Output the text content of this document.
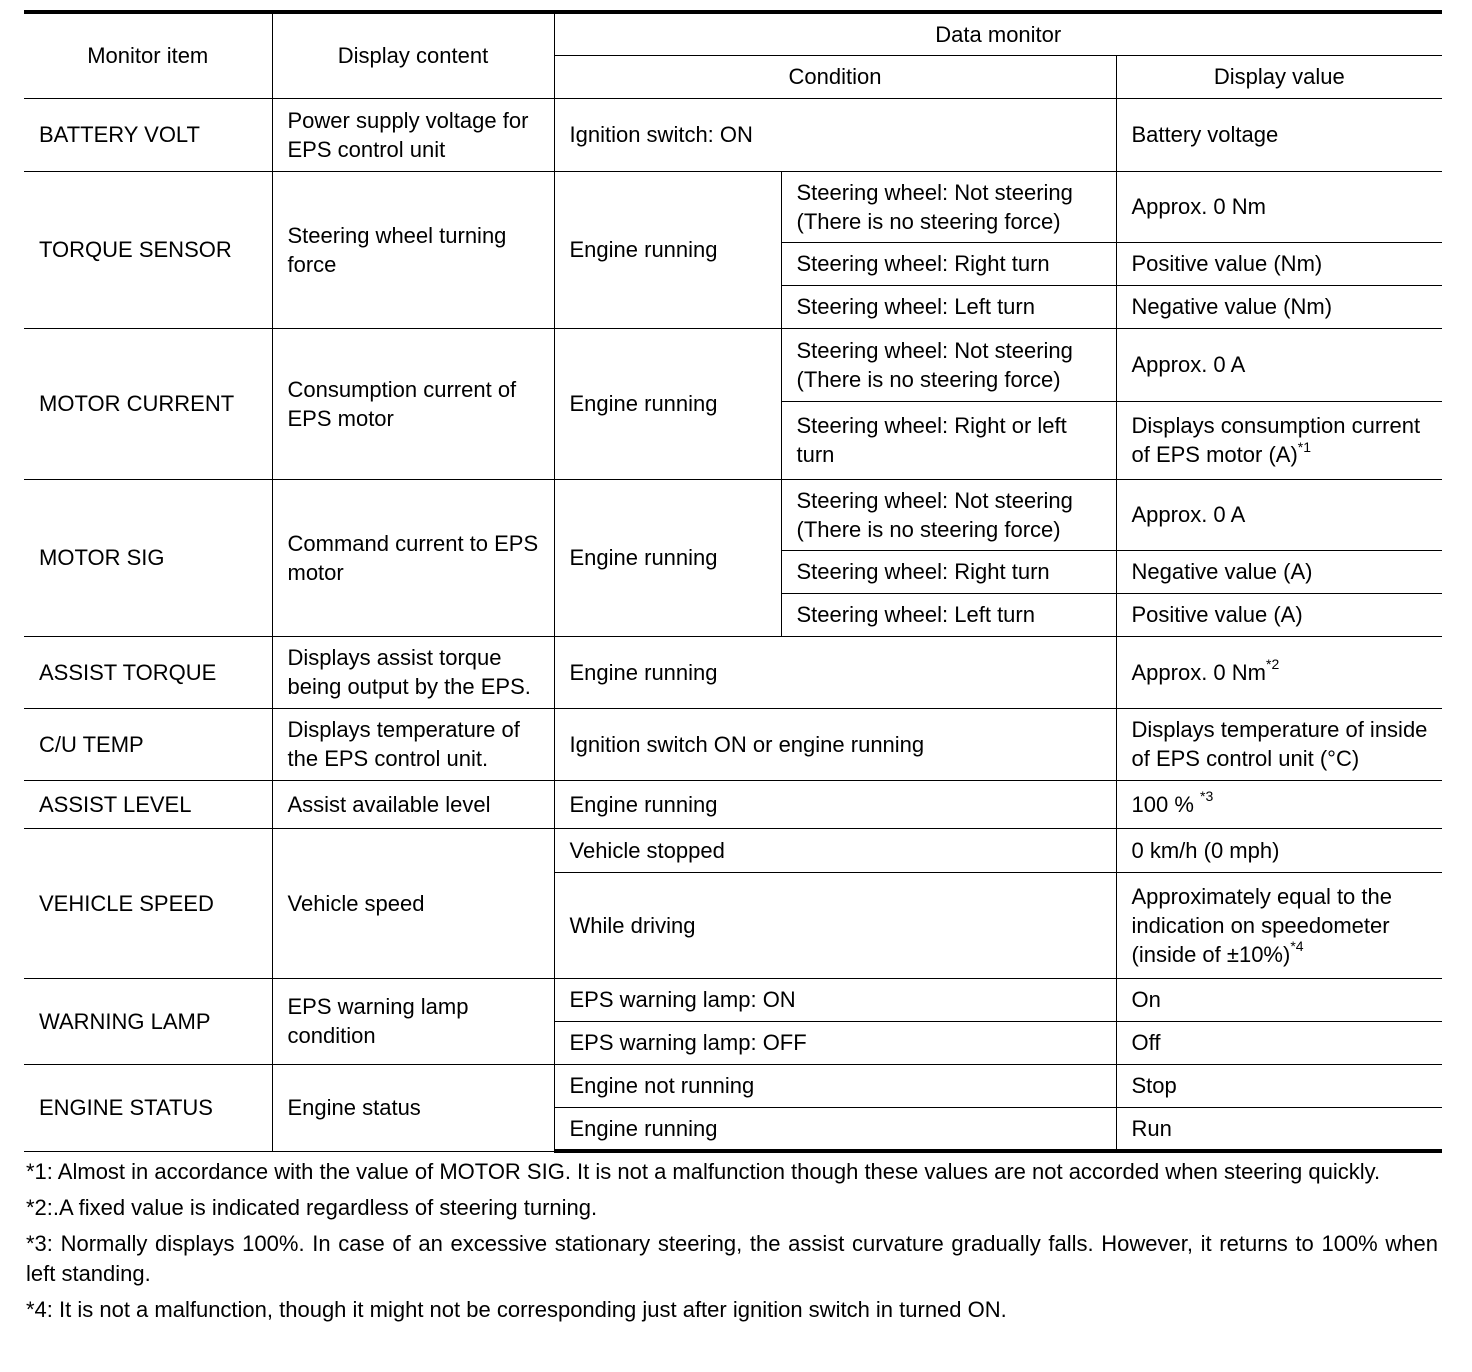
Monitor item	Display content	Data monitor		
		Condition		Display value
BATTERY VOLT	Power supply voltage for EPS control unit	Ignition switch: ON		Battery voltage
TORQUE SENSOR	Steering wheel turning force	Engine running	Steering wheel: Not steering (There is no steering force)	Approx. 0 Nm
			Steering wheel: Right turn	Positive value (Nm)
			Steering wheel: Left turn	Negative value (Nm)
MOTOR CURRENT	Consumption current of EPS motor	Engine running	Steering wheel: Not steering (There is no steering force)	Approx. 0 A
			Steering wheel: Right or left turn	Displays consumption current of EPS motor $(A)^{*1}$
MOTOR SIG	Command current to EPS motor	Engine running	Steering wheel: Not steering (There is no steering force)	Approx. 0 A
			Steering wheel: Right turn	Negative value (A)
			Steering wheel: Left turn	Positive value (A)
ASSIST TORQUE	Displays assist torque being output by the EPS.	Engine running		Approx. 0 Nm$^{*2}$
C/U TEMP	Displays temperature of the EPS control unit.	Ignition switch ON or engine running		Displays temperature of inside of EPS control unit (°C)
ASSIST LEVEL	Assist available level	Engine running		100 % $^{*3}$
VEHICLE SPEED	Vehicle speed	Vehicle stopped		0 km/h (0 mph)
		While driving		Approximately equal to the indication on speedometer (inside of ±10%)$^{*4}$
WARNING LAMP	EPS warning lamp condition	EPS warning lamp: ON		On
		EPS warning lamp: OFF		Off
ENGINE STATUS	Engine status	Engine not running		Stop
		Engine running		Run

*1: Almost in accordance with the value of MOTOR SIG. It is not a malfunction though these values are not accorded when steering quickly.

*2:.A fixed value is indicated regardless of steering turning.

*3: Normally displays 100%. In case of an excessive stationary steering, the assist curvature gradually falls. However, it returns to 100% when left standing.

*4: It is not a malfunction, though it might not be corresponding just after ignition switch in turned ON.
